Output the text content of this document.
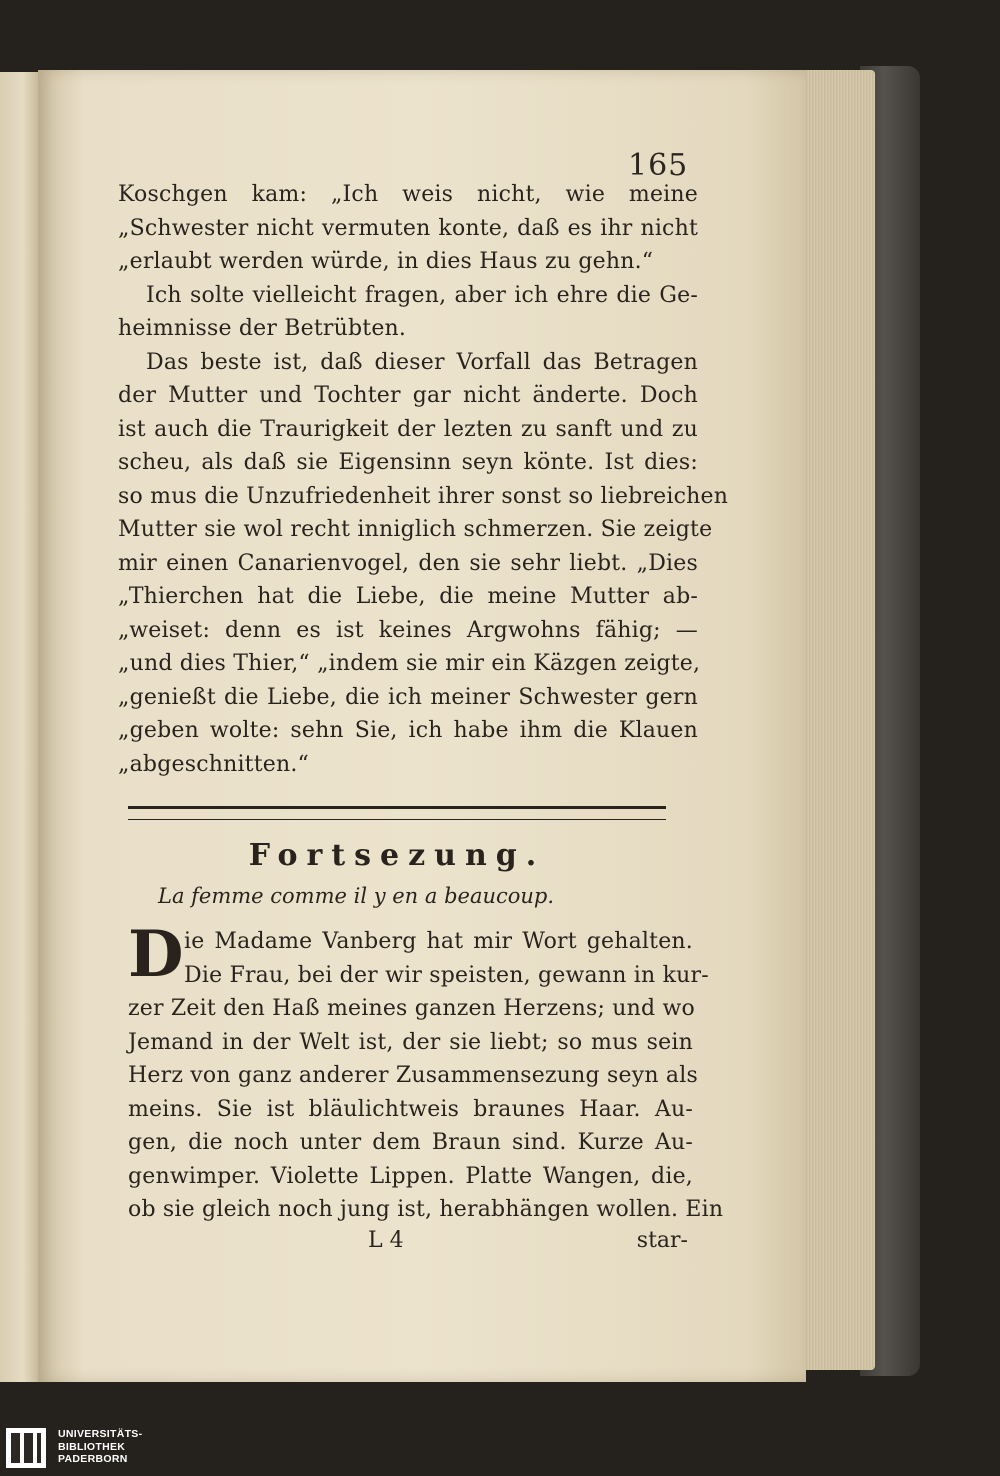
165
Koschgen kam: „Ich weis nicht, wie meine
„Schwester nicht vermuten konte, daß es ihr nicht
„erlaubt werden würde, in dies Haus zu gehn.“
Ich solte vielleicht fragen, aber ich ehre die Ge-
heimnisse der Betrübten.
Das beste ist, daß dieser Vorfall das Betragen
der Mutter und Tochter gar nicht änderte. Doch
ist auch die Traurigkeit der lezten zu sanft und zu
scheu, als daß sie Eigensinn seyn könte. Ist dies:
so mus die Unzufriedenheit ihrer sonst so liebreichen
Mutter sie wol recht inniglich schmerzen. Sie zeigte
mir einen Canarienvogel, den sie sehr liebt. „Dies
„Thierchen hat die Liebe, die meine Mutter ab-
„weiset: denn es ist keines Argwohns fähig; —
„und dies Thier,“ „indem sie mir ein Käzgen zeigte,
„genießt die Liebe, die ich meiner Schwester gern
„geben wolte: sehn Sie, ich habe ihm die Klauen
„abgeschnitten.“
Fortsezung.
La femme comme il y en a beaucoup.
D ie Madame Vanberg hat mir Wort gehalten.
Die Frau, bei der wir speisten, gewann in kur-
zer Zeit den Haß meines ganzen Herzens; und wo
Jemand in der Welt ist, der sie liebt; so mus sein
Herz von ganz anderer Zusammensezung seyn als
meins. Sie ist bläulichtweis braunes Haar. Au-
gen, die noch unter dem Braun sind. Kurze Au-
genwimper. Violette Lippen. Platte Wangen, die,
ob sie gleich noch jung ist, herabhängen wollen. Ein
L 4	star-
UNIVERSITÄTS-
BIBLIOTHEK
PADERBORN
